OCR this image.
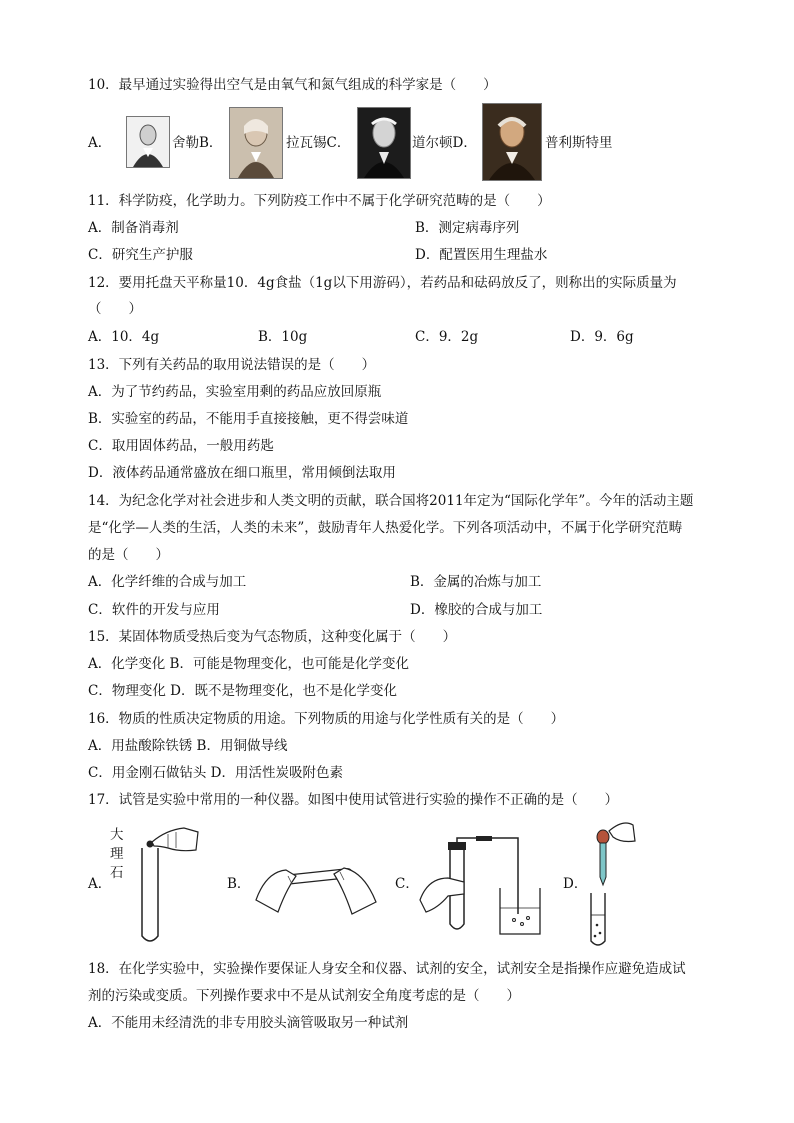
10．最早通过实验得出空气是由氧气和氮气组成的科学家是（　　）
A．	舍勒B．	拉瓦锡C．	道尔顿D．	普利斯特里
11．科学防疫，化学助力。下列防疫工作中不属于化学研究范畴的是（　　）
A．制备消毒剂	B．测定病毒序列
C．研究生产护服	D．配置医用生理盐水
12．要用托盘天平称量10．4g食盐（1g以下用游码），若药品和砝码放反了，则称出的实际质量为
（　　）
A．10．4g	B．10g	C．9．2g	D．9．6g
13．下列有关药品的取用说法错误的是（　　）
A．为了节约药品，实验室用剩的药品应放回原瓶
B．实验室的药品，不能用手直接接触，更不得尝味道
C．取用固体药品，一般用药匙
D．液体药品通常盛放在细口瓶里，常用倾倒法取用
14．为纪念化学对社会进步和人类文明的贡献，联合国将2011年定为“国际化学年”。今年的活动主题
是“化学—人类的生活，人类的未来”，鼓励青年人热爱化学。下列各项活动中，不属于化学研究范畴
的是（　　）
A．化学纤维的合成与加工	B．金属的冶炼与加工
C．软件的开发与应用	D．橡胶的合成与加工
15．某固体物质受热后变为气态物质，这种变化属于（　　）
A．化学变化 B．可能是物理变化，也可能是化学变化
C．物理变化 D．既不是物理变化，也不是化学变化
16．物质的性质决定物质的用途。下列物质的用途与化学性质有关的是（　　）
A．用盐酸除铁锈 B．用铜做导线
C．用金刚石做钻头 D．用活性炭吸附色素
17．试管是实验中常用的一种仪器。如图中使用试管进行实验的操作不正确的是（　　）
大
理
石
A．	B．	C．	D．
18．在化学实验中，实验操作要保证人身安全和仪器、试剂的安全，试剂安全是指操作应避免造成试
剂的污染或变质。下列操作要求中不是从试剂安全角度考虑的是（　　）
A．不能用未经清洗的非专用胶头滴管吸取另一种试剂
